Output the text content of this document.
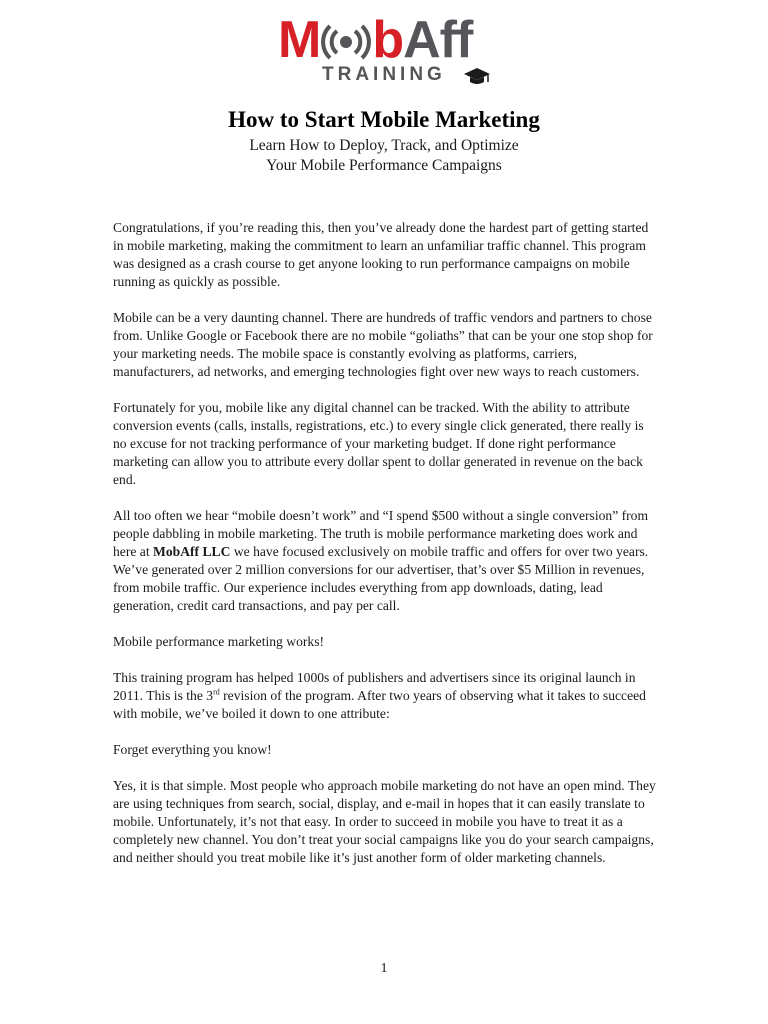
M b Aff
TRAINING
How to Start Mobile Marketing
Learn How to Deploy, Track, and Optimize
Your Mobile Performance Campaigns

Congratulations, if you’re reading this, then you’ve already done the hardest part of getting started in mobile marketing, making the commitment to learn an unfamiliar traffic channel. This program was designed as a crash course to get anyone looking to run performance campaigns on mobile running as quickly as possible.

Mobile can be a very daunting channel. There are hundreds of traffic vendors and partners to chose from. Unlike Google or Facebook there are no mobile “goliaths” that can be your one stop shop for your marketing needs. The mobile space is constantly evolving as platforms, carriers, manufacturers, ad networks, and emerging technologies fight over new ways to reach customers.

Fortunately for you, mobile like any digital channel can be tracked. With the ability to attribute conversion events (calls, installs, registrations, etc.) to every single click generated, there really is no excuse for not tracking performance of your marketing budget. If done right performance marketing can allow you to attribute every dollar spent to dollar generated in revenue on the back end.

All too often we hear “mobile doesn’t work” and “I spend $500 without a single conversion” from people dabbling in mobile marketing. The truth is mobile performance marketing does work and here at MobAff LLC we have focused exclusively on mobile traffic and offers for over two years. We’ve generated over 2 million conversions for our advertiser, that’s over $5 Million in revenues, from mobile traffic. Our experience includes everything from app downloads, dating, lead generation, credit card transactions, and pay per call.

Mobile performance marketing works!

This training program has helped 1000s of publishers and advertisers since its original launch in 2011. This is the 3rd revision of the program. After two years of observing what it takes to succeed with mobile, we’ve boiled it down to one attribute:

Forget everything you know!

Yes, it is that simple. Most people who approach mobile marketing do not have an open mind. They are using techniques from search, social, display, and e-mail in hopes that it can easily translate to mobile. Unfortunately, it’s not that easy. In order to succeed in mobile you have to treat it as a completely new channel. You don’t treat your social campaigns like you do your search campaigns, and neither should you treat mobile like it’s just another form of older marketing channels.

1
